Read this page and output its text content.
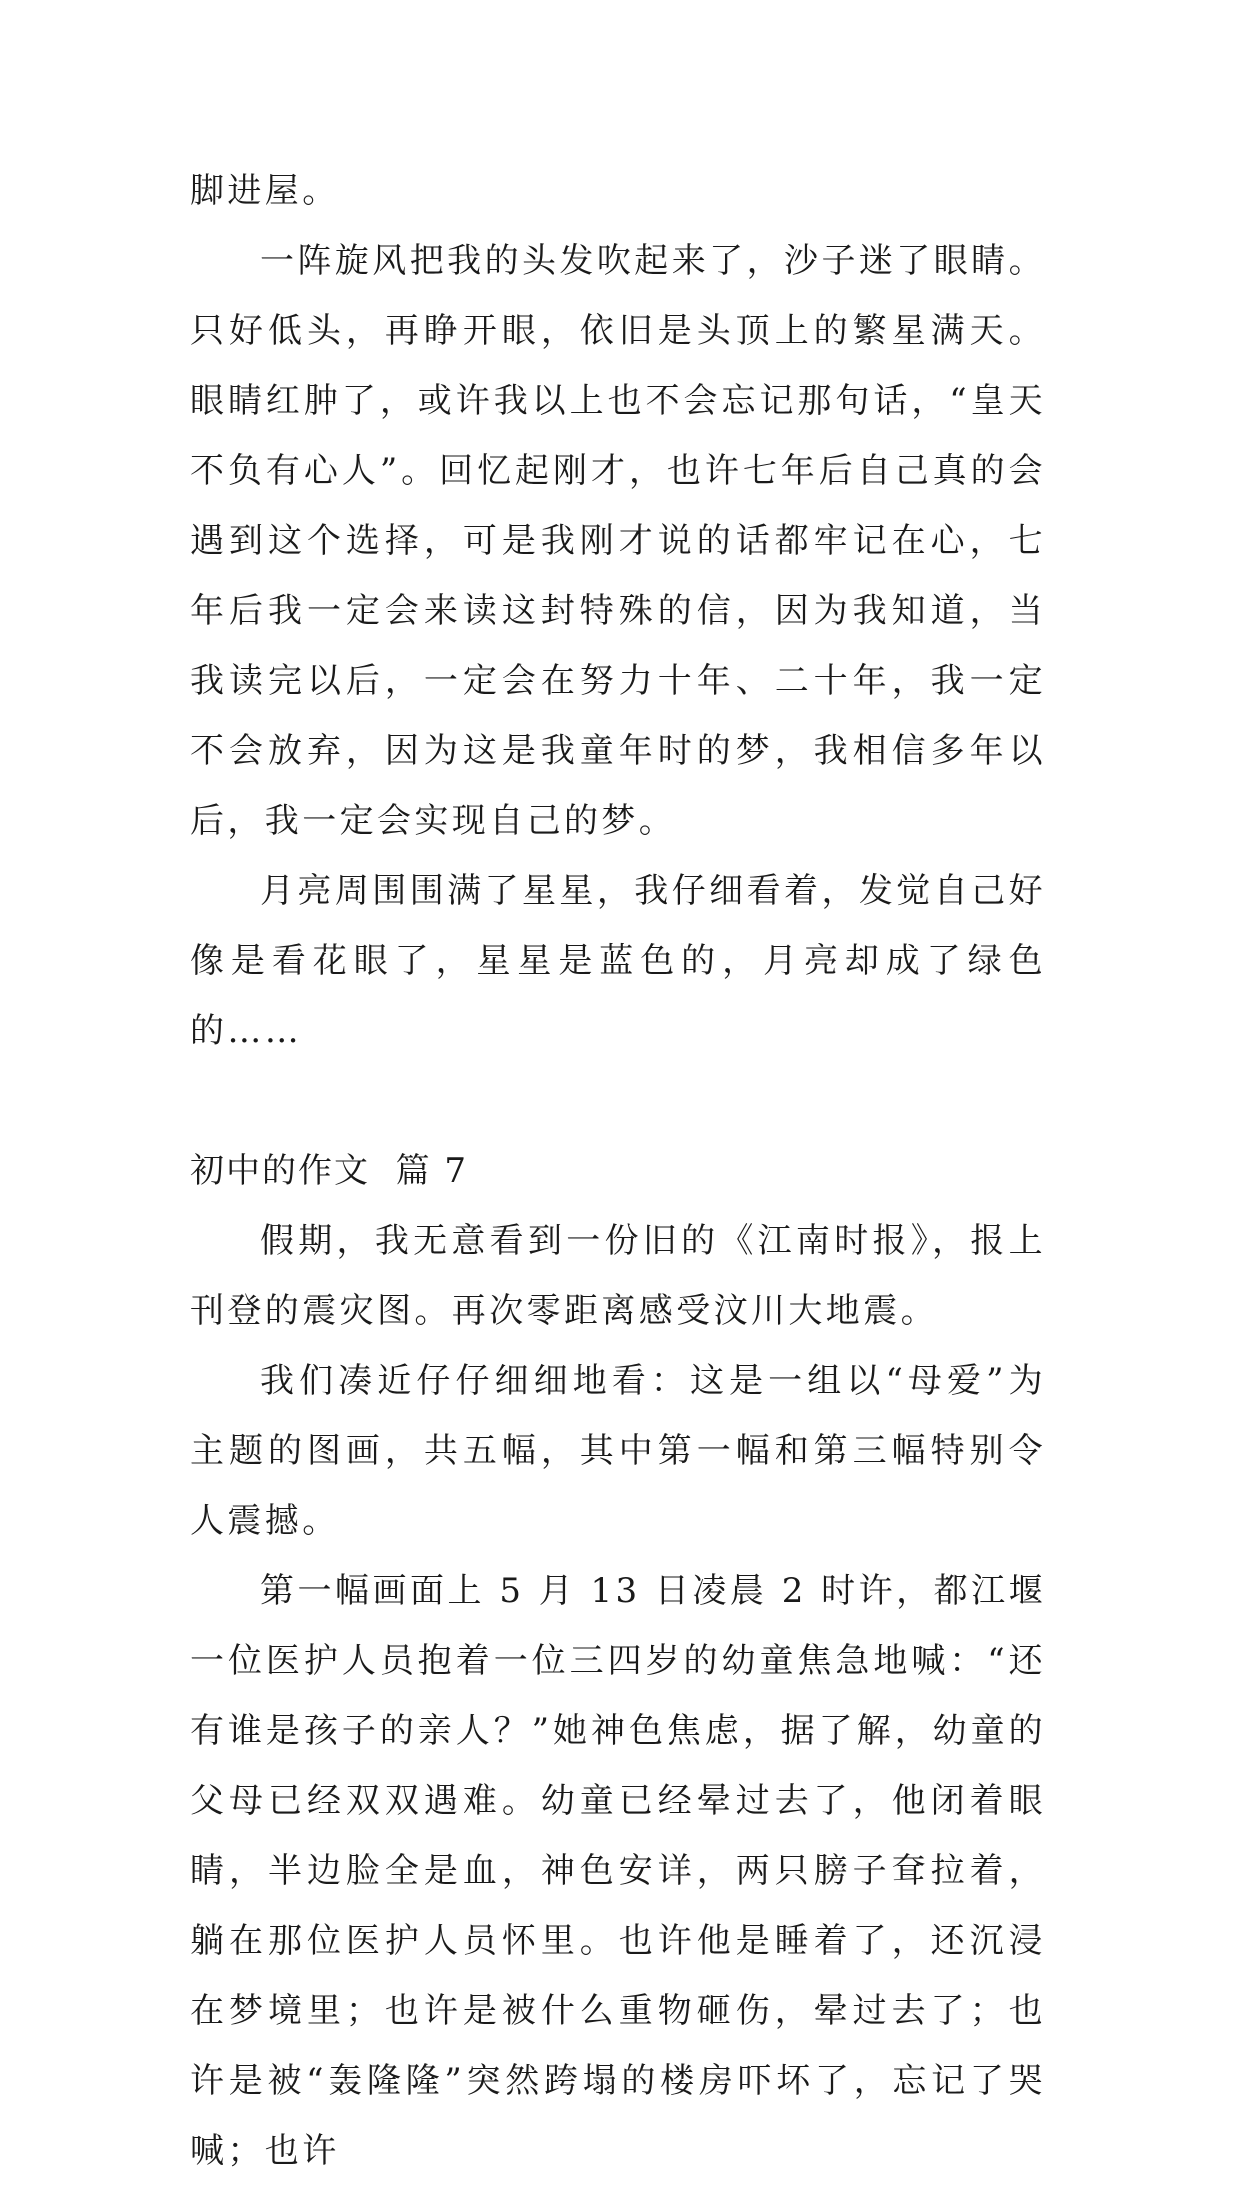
脚进屋。

一阵旋风把我的头发吹起来了，沙子迷了眼睛。只好低头，再睁开眼，依旧是头顶上的繁星满天。眼睛红肿了，或许我以上也不会忘记那句话，“皇天不负有心人”。回忆起刚才，也许七年后自己真的会遇到这个选择，可是我刚才说的话都牢记在心，七年后我一定会来读这封特殊的信，因为我知道，当我读完以后，一定会在努力十年、二十年，我一定不会放弃，因为这是我童年时的梦，我相信多年以后，我一定会实现自己的梦。

月亮周围围满了星星，我仔细看着，发觉自己好像是看花眼了，星星是蓝色的，月亮却成了绿色的……

初中的作文  篇 7

假期，我无意看到一份旧的《江南时报》，报上刊登的震灾图。再次零距离感受汶川大地震。

我们凑近仔仔细细地看：这是一组以“母爱”为主题的图画，共五幅，其中第一幅和第三幅特别令人震撼。

第一幅画面上 5 月 13 日凌晨 2 时许，都江堰一位医护人员抱着一位三四岁的幼童焦急地喊：“还有谁是孩子的亲人？”她神色焦虑，据了解，幼童的父母已经双双遇难。幼童已经晕过去了，他闭着眼睛，半边脸全是血，神色安详，两只膀子耷拉着，躺在那位医护人员怀里。也许他是睡着了，还沉浸在梦境里；也许是被什么重物砸伤，晕过去了；也许是被“轰隆隆”突然跨塌的楼房吓坏了，忘记了哭喊；也许
